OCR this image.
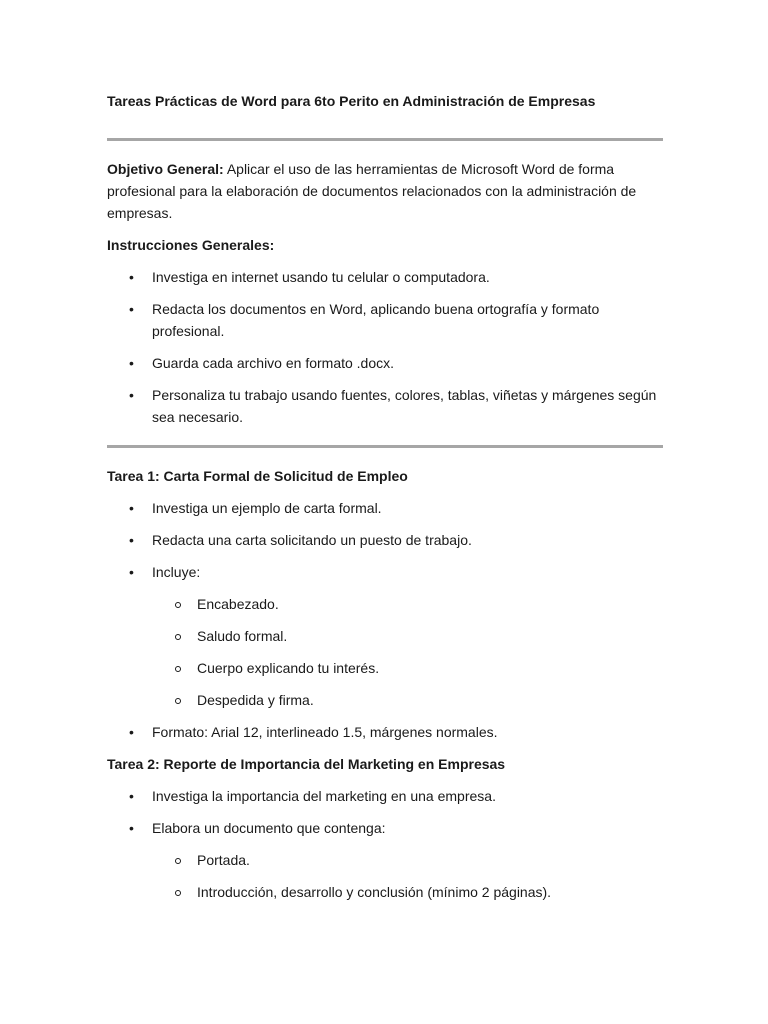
Tareas Prácticas de Word para 6to Perito en Administración de Empresas

Objetivo General: Aplicar el uso de las herramientas de Microsoft Word de forma profesional para la elaboración de documentos relacionados con la administración de empresas.

Instrucciones Generales:

• Investiga en internet usando tu celular o computadora.
• Redacta los documentos en Word, aplicando buena ortografía y formato profesional.
• Guarda cada archivo en formato .docx.
• Personaliza tu trabajo usando fuentes, colores, tablas, viñetas y márgenes según sea necesario.

Tarea 1: Carta Formal de Solicitud de Empleo

• Investiga un ejemplo de carta formal.
• Redacta una carta solicitando un puesto de trabajo.
• Incluye:
Encabezado.
Saludo formal.
Cuerpo explicando tu interés.
Despedida y firma.
• Formato: Arial 12, interlineado 1.5, márgenes normales.

Tarea 2: Reporte de Importancia del Marketing en Empresas

• Investiga la importancia del marketing en una empresa.
• Elabora un documento que contenga:
Portada.
Introducción, desarrollo y conclusión (mínimo 2 páginas).
